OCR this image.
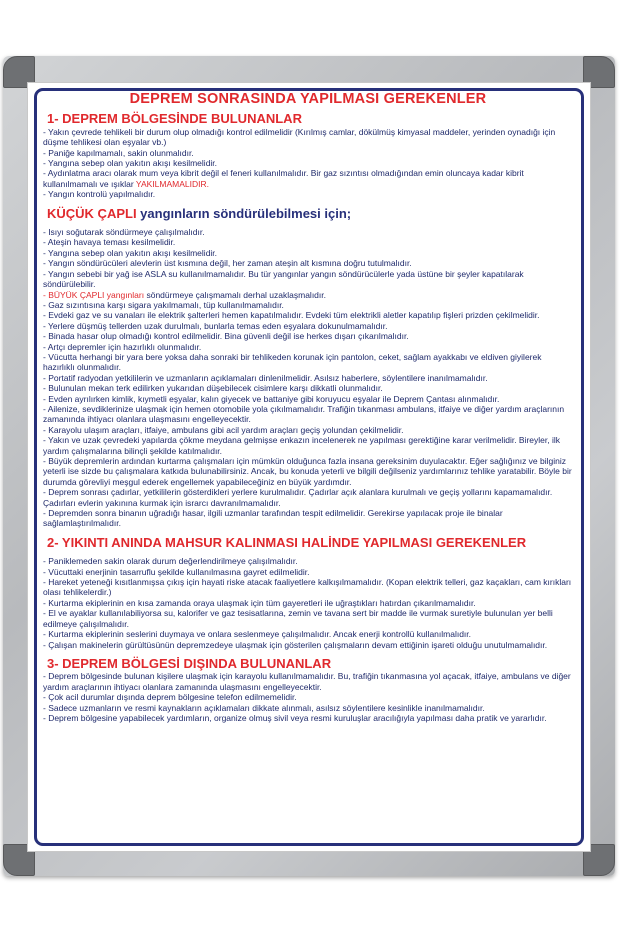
DEPREM SONRASINDA YAPILMASI GEREKENLER
1- DEPREM BÖLGESİNDE BULUNANLAR
- Yakın çevrede tehlikeli bir durum olup olmadığı kontrol edilmelidir (Kırılmış camlar, dökülmüş kimyasal maddeler, yerinden oynadığı için düşme tehlikesi olan eşyalar vb.)
- Paniğe kapılmamalı, sakin olunmalıdır.
- Yangına sebep olan yakıtın akışı kesilmelidir.
- Aydınlatma aracı olarak mum veya kibrit değil el feneri kullanılmalıdır. Bir gaz sızıntısı olmadığından emin oluncaya kadar kibrit kullanılmamalı ve ışıklar YAKILMAMALIDIR.
- Yangın kontrolü yapılmalıdır.
KÜÇÜK ÇAPLI yangınların söndürülebilmesi için;
- Isıyı soğutarak söndürmeye çalışılmalıdır.
- Ateşin havaya teması kesilmelidir.
- Yangına sebep olan yakıtın akışı kesilmelidir.
- Yangın söndürücüleri alevlerin üst kısmına değil, her zaman ateşin alt kısmına doğru tutulmalıdır.
- Yangın sebebi bir yağ ise ASLA su kullanılmamalıdır. Bu tür yangınlar yangın söndürücülerle yada üstüne bir şeyler kapatılarak söndürülebilir.
- BÜYÜK ÇAPLI yangınları söndürmeye çalışmamalı derhal uzaklaşmalıdır.
- Gaz sızıntısına karşı sigara yakılmamalı, tüp kullanılmamalıdır.
- Evdeki gaz ve su vanaları ile elektrik şalterleri hemen kapatılmalıdır. Evdeki tüm elektrikli aletler kapatılıp fişleri prizden çekilmelidir.
- Yerlere düşmüş tellerden uzak durulmalı, bunlarla temas eden eşyalara dokunulmamalıdır.
- Binada hasar olup olmadığı kontrol edilmelidir. Bina güvenli değil ise herkes dışarı çıkarılmalıdır.
- Artçı depremler için hazırlıklı olunmalıdır.
- Vücutta herhangi bir yara bere yoksa daha sonraki bir tehlikeden korunak için pantolon, ceket, sağlam ayakkabı ve eldiven giyilerek hazırlıklı olunmalıdır.
- Portatif radyodan yetkililerin ve uzmanların açıklamaları dinlenilmelidir. Asılsız haberlere, söylentilere inanılmamalıdır.
- Bulunulan mekan terk edilirken yukarıdan düşebilecek cisimlere karşı dikkatli olunmalıdır.
- Evden ayrılırken kimlik, kıymetli eşyalar, kalın giyecek ve battaniye gibi koruyucu eşyalar ile Deprem Çantası alınmalıdır.
- Ailenize, sevdiklerinize ulaşmak için hemen otomobile yola çıkılmamalıdır. Trafiğin tıkanması ambulans, itfaiye ve diğer yardım araçlarının zamanında ihtiyacı olanlara ulaşmasını engelleyecektir.
- Karayolu ulaşım araçları, itfaiye, ambulans gibi acil yardım araçları geçiş yolundan çekilmelidir.
- Yakın ve uzak çevredeki yapılarda çökme meydana gelmişse enkazın incelenerek ne yapılması gerektiğine karar verilmelidir. Bireyler, ilk yardım çalışmalarına bilinçli şekilde katılmalıdır.
- Büyük depremlerin ardından kurtarma çalışmaları için mümkün olduğunca fazla insana gereksinim duyulacaktır. Eğer sağlığınız ve bilginiz yeterli ise sizde bu çalışmalara katkıda bulunabilirsiniz. Ancak, bu konuda yeterli ve bilgili değilseniz yardımlarınız tehlike yaratabilir. Böyle bir durumda görevliyi meşgul ederek engellemek yapabileceğiniz en büyük yardımdır.
- Deprem sonrası çadırlar, yetkililerin gösterdikleri yerlere kurulmalıdır. Çadırlar açık alanlara kurulmalı ve geçiş yollarını kapamamalıdır. Çadırları evlerin yakınına kurmak için israrcı davranılmamalıdır.
- Depremden sonra binanın uğradığı hasar, ilgili uzmanlar tarafından tespit edilmelidir. Gerekirse yapılacak proje ile binalar sağlamlaştırılmalıdır.
2- YIKINTI ANINDA MAHSUR KALINMASI HALİNDE YAPILMASI GEREKENLER
- Paniklemeden sakin olarak durum değerlendirilmeye çalışılmalıdır.
- Vücuttaki enerjinin tasarruflu şekilde kullanılmasına gayret edilmelidir.
- Hareket yeteneği kısıtlanmışsa çıkış için hayati riske atacak faaliyetlere kalkışılmamalıdır. (Kopan elektrik telleri, gaz kaçakları, cam kırıkları olası tehlikelerdir.)
- Kurtarma ekiplerinin en kısa zamanda oraya ulaşmak için tüm gayeretleri ile uğraştıkları hatırdan çıkarılmamalıdır.
- El ve ayaklar kullanılabiliyorsa su, kalorifer ve gaz tesisatlarına, zemin ve tavana sert bir madde ile vurmak suretiyle bulunulan yer belli edilmeye çalışılmalıdır.
- Kurtarma ekiplerinin seslerini duymaya ve onlara seslenmeye çalışılmalıdır. Ancak enerji kontrollü kullanılmalıdır.
- Çalışan makinelerin gürültüsünün depremzedeye ulaşmak için gösterilen çalışmaların devam ettiğinin işareti olduğu unutulmamalıdır.
3- DEPREM BÖLGESİ DIŞINDA BULUNANLAR
- Deprem bölgesinde bulunan kişilere ulaşmak için karayolu kullanılmamalıdır. Bu, trafiğin tıkanmasına yol açacak, itfaiye, ambulans ve diğer yardım araçlarının ihtiyacı olanlara zamanında ulaşmasını engelleyecektir.
- Çok acil durumlar dışında deprem bölgesine telefon edilmemelidir.
- Sadece uzmanların ve resmi kaynakların açıklamaları dikkate alınmalı, asılsız söylentilere kesinlikle inanılmamalıdır.
- Deprem bölgesine yapabilecek yardımların, organize olmuş sivil veya resmi kuruluşlar aracılığıyla yapılması daha pratik ve yararlıdır.
